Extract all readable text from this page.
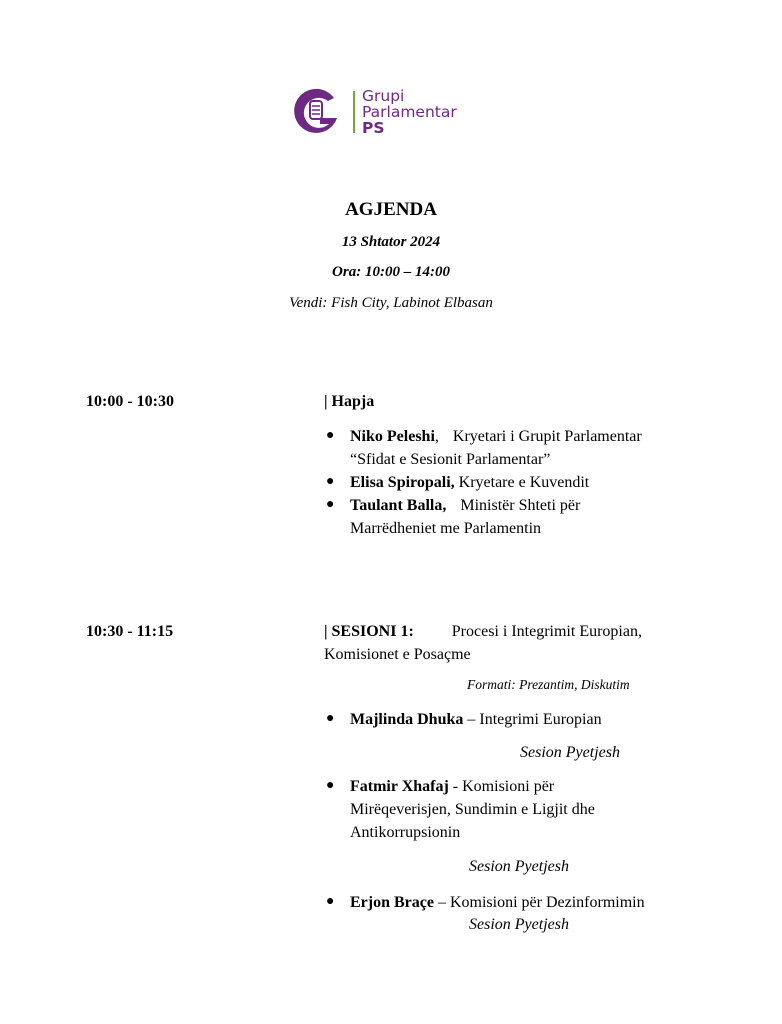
Grupi
Parlamentar
PS
AGJENDA
13 Shtator 2024
Ora: 10:00 – 14:00
Vendi: Fish City, Labinot Elbasan
10:00 - 10:30	| Hapja
● Niko Peleshi, Kryetari i Grupit Parlamentar
“Sfidat e Sesionit Parlamentar”
● Elisa Spiropali, Kryetare e Kuvendit
● Taulant Balla, Ministër Shteti për
Marrëdheniet me Parlamentin
10:30 - 11:15	| SESIONI 1: Procesi i Integrimit Europian,
Komisionet e Posaçme
Formati: Prezantim, Diskutim
● Majlinda Dhuka – Integrimi Europian
Sesion Pyetjesh
● Fatmir Xhafaj - Komisioni për
Mirëqeverisjen, Sundimin e Ligjit dhe
Antikorrupsionin
Sesion Pyetjesh
● Erjon Braçe – Komisioni për Dezinformimin
Sesion Pyetjesh
